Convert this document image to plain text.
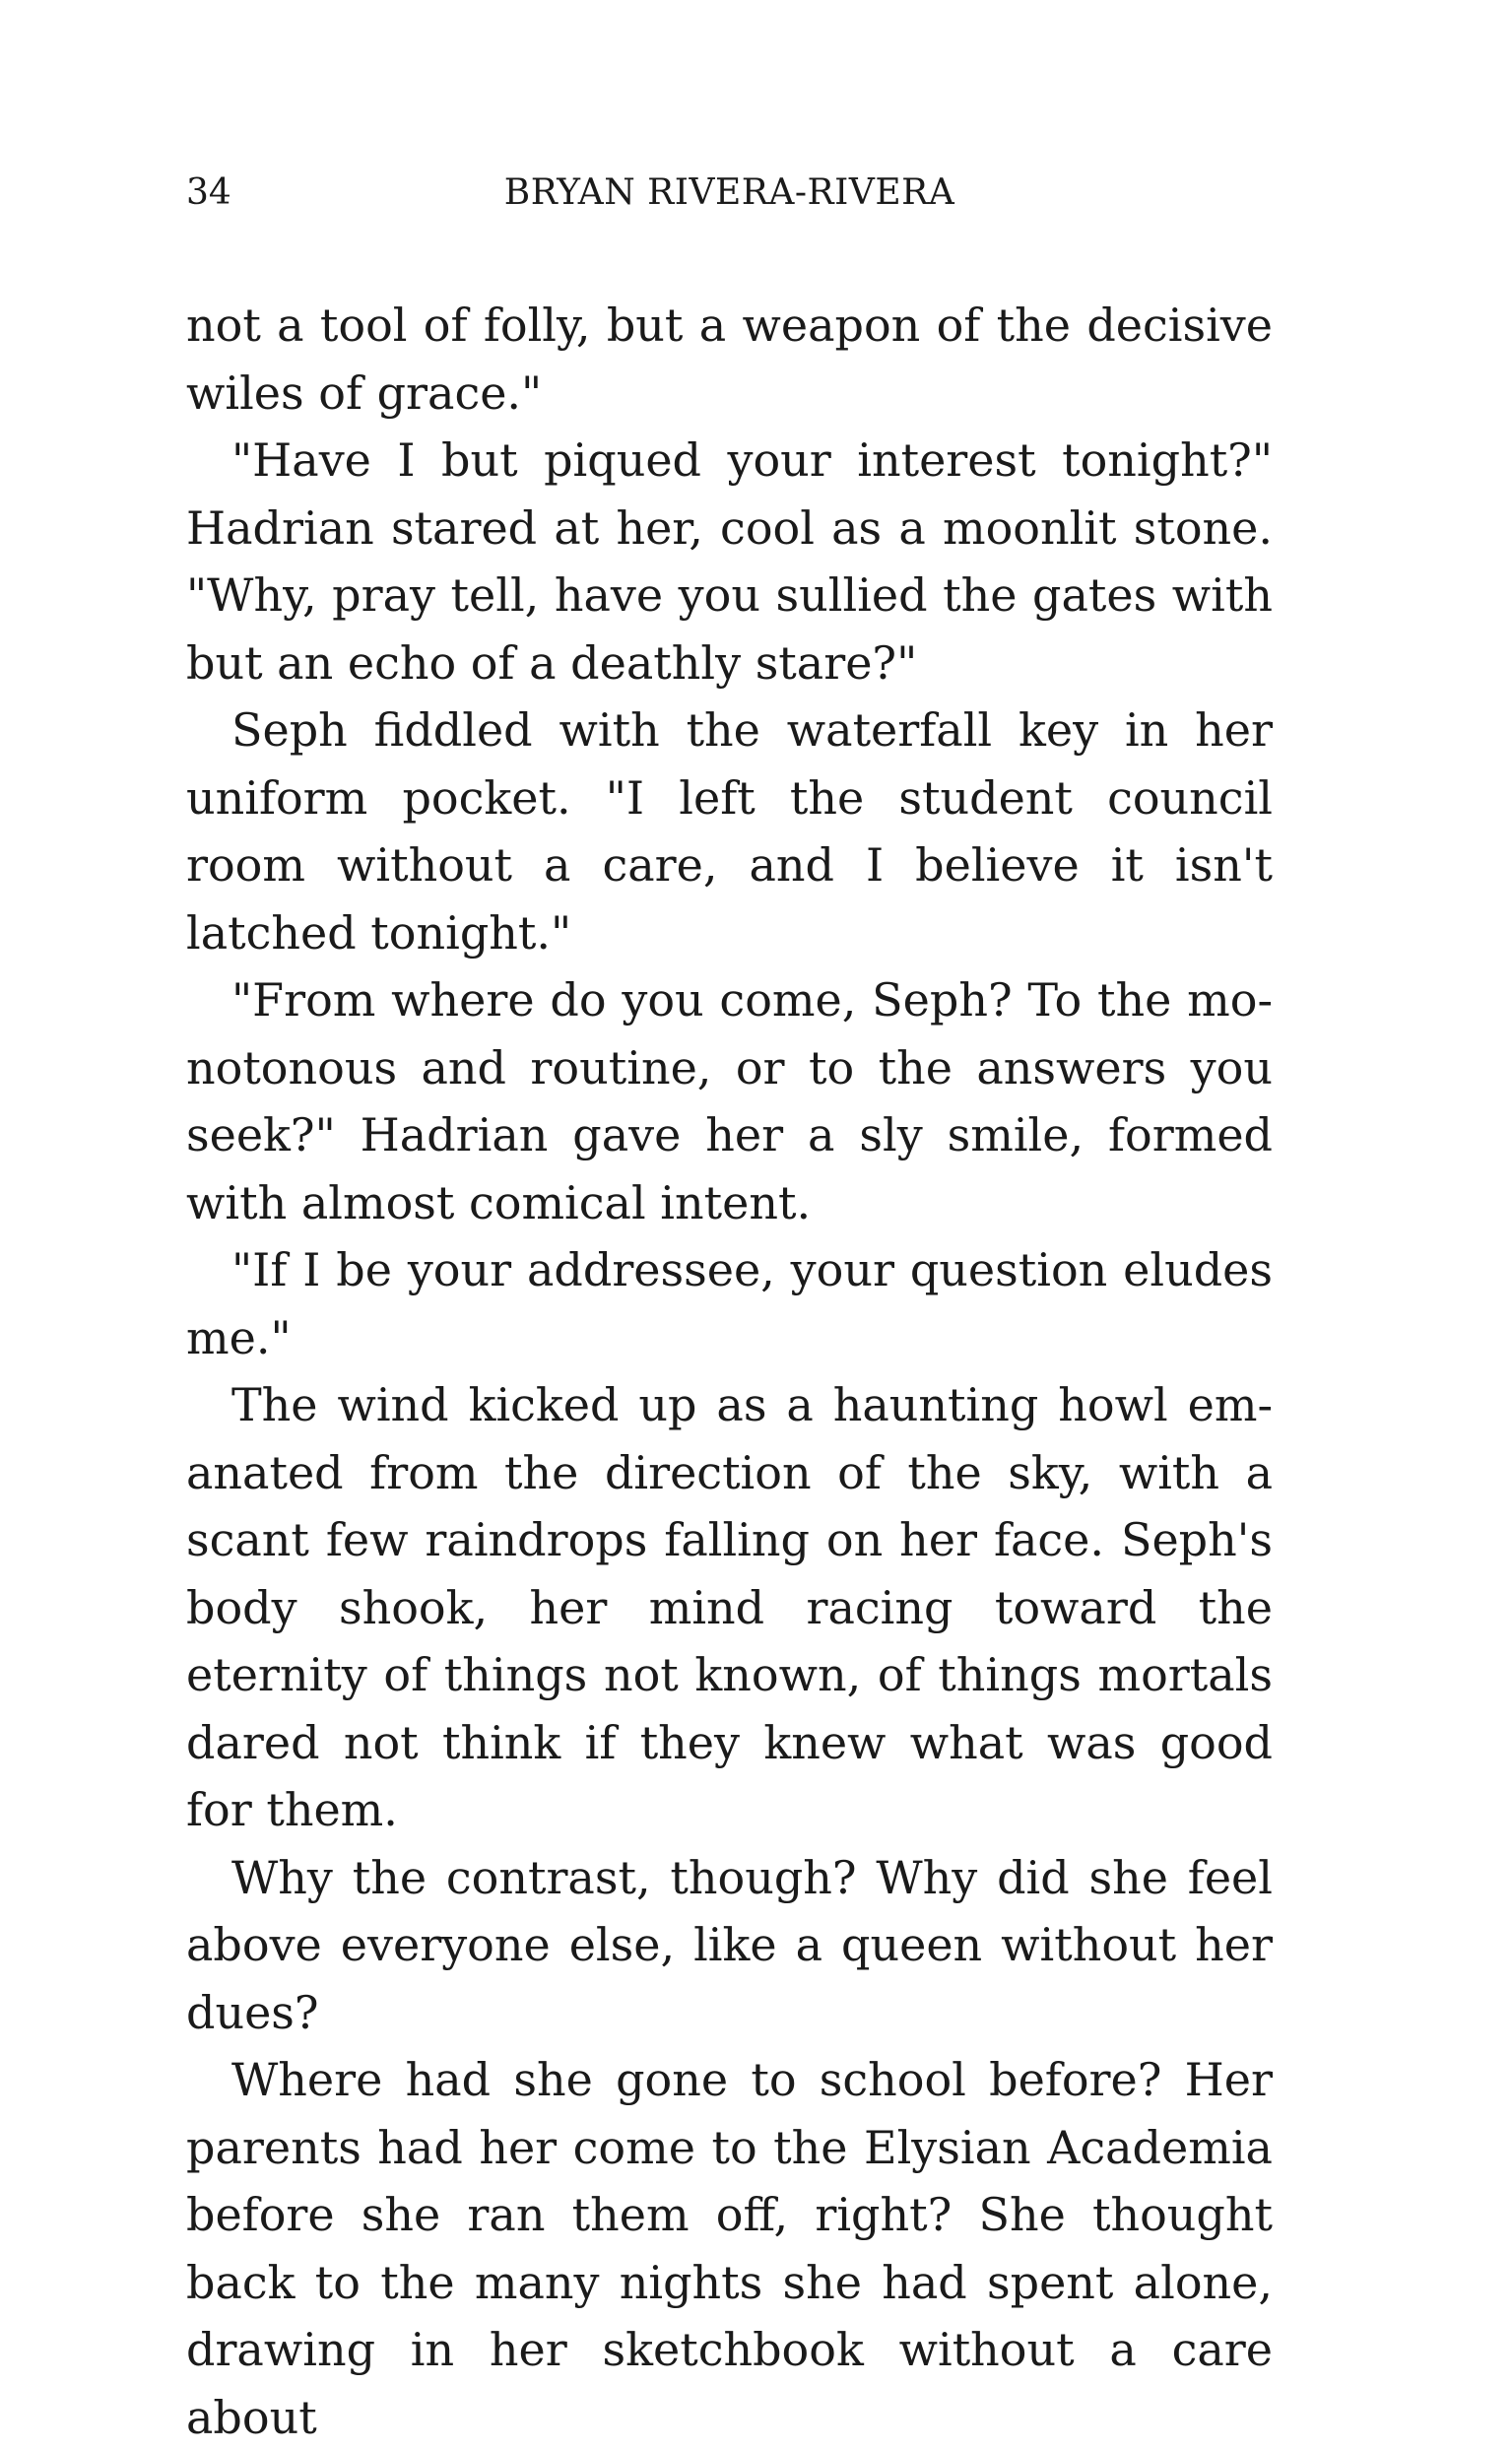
34	BRYAN RIVERA-RIVERA

not a tool of folly, but a weapon of the decisive wiles of grace."

"Have I but piqued your interest tonight?" Hadrian stared at her, cool as a moonlit stone. "Why, pray tell, have you sullied the gates with but an echo of a deathly stare?"

Seph fiddled with the waterfall key in her uniform pocket. "I left the student council room without a care, and I believe it isn't latched tonight."

"From where do you come, Seph? To the monotonous and routine, or to the answers you seek?" Hadrian gave her a sly smile, formed with almost comical intent.

"If I be your addressee, your question eludes me."

The wind kicked up as a haunting howl emanated from the direction of the sky, with a scant few raindrops falling on her face. Seph's body shook, her mind racing toward the eternity of things not known, of things mortals dared not think if they knew what was good for them.

Why the contrast, though? Why did she feel above everyone else, like a queen without her dues?

Where had she gone to school before? Her parents had her come to the Elysian Academia before she ran them off, right? She thought back to the many nights she had spent alone, drawing in her sketchbook without a care about
